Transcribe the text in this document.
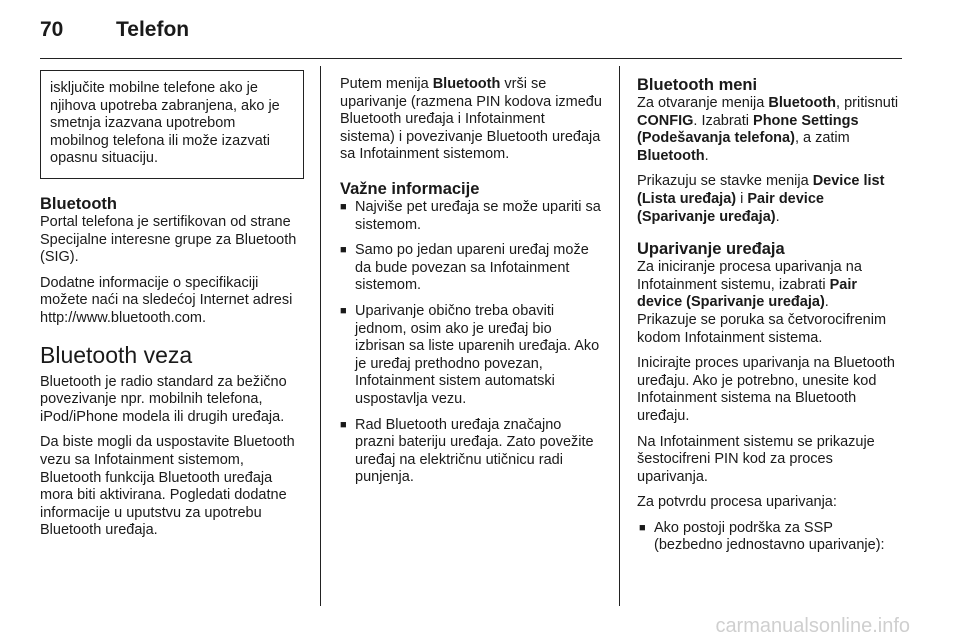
70	Telefon
isključite mobilne telefone ako je njihova upotreba zabranjena, ako je smetnja izazvana upotrebom mobilnog telefona ili može izazvati opasnu situaciju.
Bluetooth

Portal telefona je sertifikovan od strane Specijalne interesne grupe za Bluetooth (SIG).

Dodatne informacije o specifikaciji možete naći na sledećoj Internet adresi http://www.bluetooth.com.

Bluetooth veza

Bluetooth je radio standard za bežično povezivanje npr. mobilnih telefona, iPod/iPhone modela ili drugih uređaja.

Da biste mogli da uspostavite Bluetooth vezu sa Infotainment sistemom, Bluetooth funkcija Bluetooth uređaja mora biti aktivirana. Pogledati dodatne informacije u uputstvu za upotrebu Bluetooth uređaja.

Putem menija Bluetooth vrši se uparivanje (razmena PIN kodova između Bluetooth uređaja i Infotainment sistema) i povezivanje Bluetooth uređaja sa Infotainment sistemom.

Važne informacije
■ Najviše pet uređaja se može upariti sa sistemom.
■ Samo po jedan upareni uređaj može da bude povezan sa Infotainment sistemom.
■ Uparivanje obično treba obaviti jednom, osim ako je uređaj bio izbrisan sa liste uparenih uređaja. Ako je uređaj prethodno povezan, Infotainment sistem automatski uspostavlja vezu.
■ Rad Bluetooth uređaja značajno prazni bateriju uređaja. Zato povežite uređaj na električnu utičnicu radi punjenja.
Bluetooth meni

Za otvaranje menija Bluetooth, pritisnuti CONFIG. Izabrati Phone Settings (Podešavanja telefona), a zatim Bluetooth.

Prikazuju se stavke menija Device list (Lista uređaja) i Pair device (Sparivanje uređaja).

Uparivanje uređaja

Za iniciranje procesa uparivanja na Infotainment sistemu, izabrati Pair device (Sparivanje uređaja).

Prikazuje se poruka sa četvorocifrenim kodom Infotainment sistema.

Inicirajte proces uparivanja na Bluetooth uređaju. Ako je potrebno, unesite kod Infotainment sistema na Bluetooth uređaju.

Na Infotainment sistemu se prikazuje šestocifreni PIN kod za proces uparivanja.

Za potvrdu procesa uparivanja:

■ Ako postoji podrška za SSP (bezbedno jednostavno uparivanje):
carmanualsonline.info
